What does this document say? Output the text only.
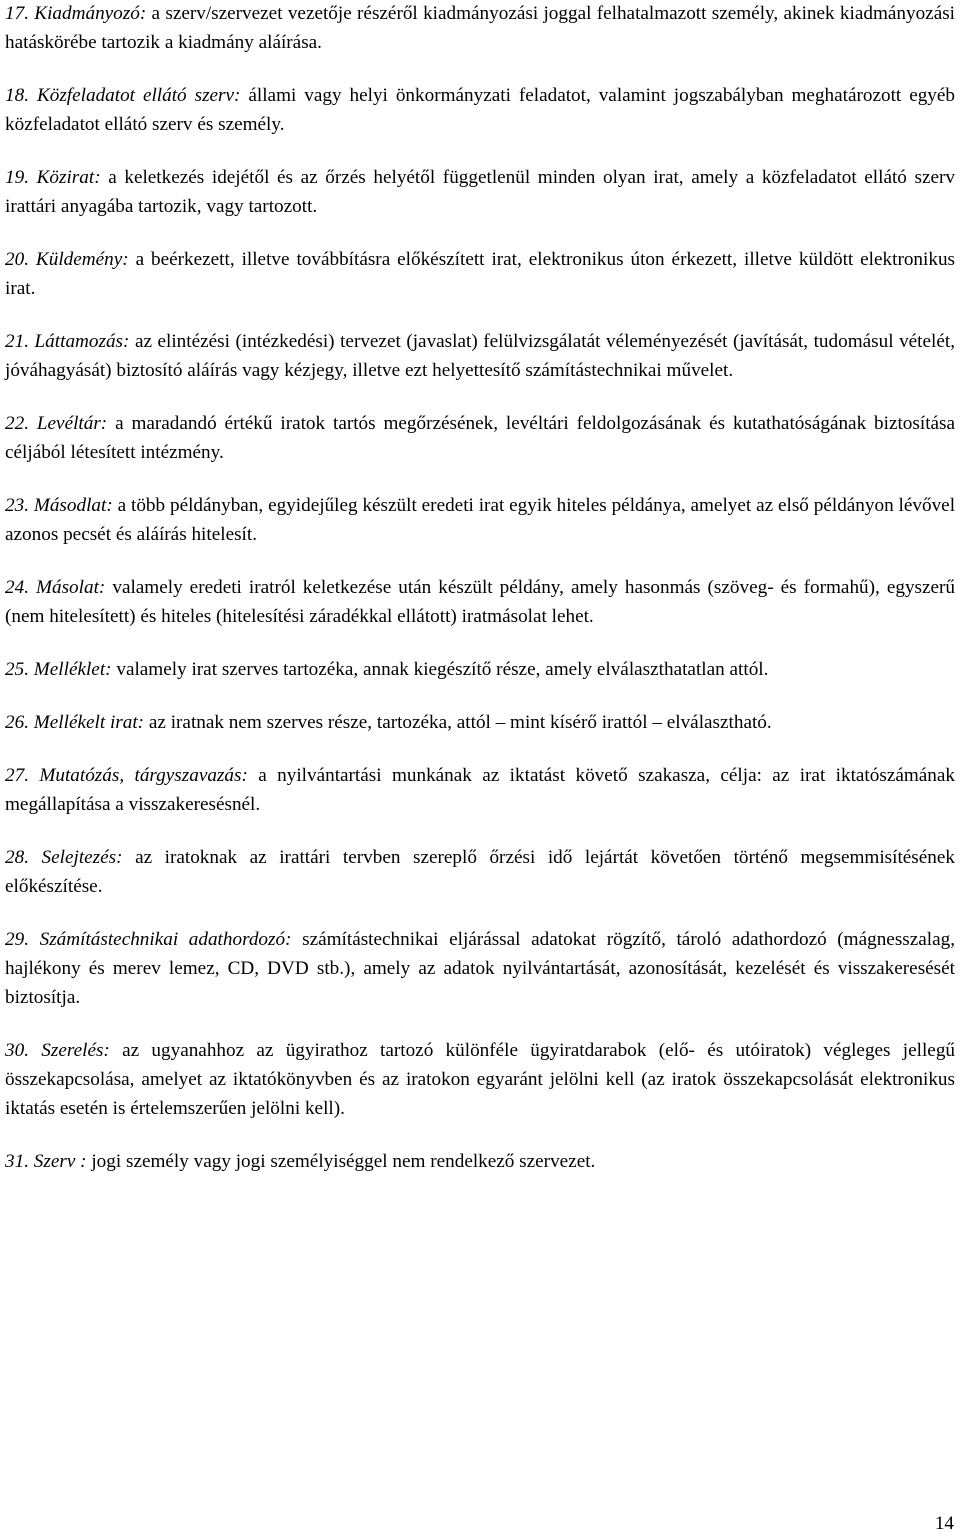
17. Kiadmányozó: a szerv/szervezet vezetője részéről kiadmányozási joggal felhatalmazott személy, akinek kiadmányozási hatáskörébe tartozik a kiadmány aláírása.

18. Közfeladatot ellátó szerv: állami vagy helyi önkormányzati feladatot, valamint jogszabályban meghatározott egyéb közfeladatot ellátó szerv és személy.

19. Közirat: a keletkezés idejétől és az őrzés helyétől függetlenül minden olyan irat, amely a közfeladatot ellátó szerv irattári anyagába tartozik, vagy tartozott.

20. Küldemény: a beérkezett, illetve továbbításra előkészített irat, elektronikus úton érkezett, illetve küldött elektronikus irat.

21. Láttamozás: az elintézési (intézkedési) tervezet (javaslat) felülvizsgálatát véleményezését (javítását, tudomásul vételét, jóváhagyását) biztosító aláírás vagy kézjegy, illetve ezt helyettesítő számítástechnikai művelet.

22. Levéltár: a maradandó értékű iratok tartós megőrzésének, levéltári feldolgozásának és kutathatóságának biztosítása céljából létesített intézmény.

23. Másodlat: a több példányban, egyidejűleg készült eredeti irat egyik hiteles példánya, amelyet az első példányon lévővel azonos pecsét és aláírás hitelesít.

24. Másolat: valamely eredeti iratról keletkezése után készült példány, amely hasonmás (szöveg- és formahű), egyszerű (nem hitelesített) és hiteles (hitelesítési záradékkal ellátott) iratmásolat lehet.

25. Melléklet: valamely irat szerves tartozéka, annak kiegészítő része, amely elválaszthatatlan attól.

26. Mellékelt irat: az iratnak nem szerves része, tartozéka, attól – mint kísérő irattól – elválasztható.

27. Mutatózás, tárgyszavazás: a nyilvántartási munkának az iktatást követő szakasza, célja: az irat iktatószámának megállapítása a visszakeresésnél.

28. Selejtezés: az iratoknak az irattári tervben szereplő őrzési idő lejártát követően történő megsemmisítésének előkészítése.

29. Számítástechnikai adathordozó: számítástechnikai eljárással adatokat rögzítő, tároló adathordozó (mágnesszalag, hajlékony és merev lemez, CD, DVD stb.), amely az adatok nyilvántartását, azonosítását, kezelését és visszakeresését biztosítja.

30. Szerelés: az ugyanahhoz az ügyirathoz tartozó különféle ügyiratdarabok (elő- és utóiratok) végleges jellegű összekapcsolása, amelyet az iktatókönyvben és az iratokon egyaránt jelölni kell (az iratok összekapcsolását elektronikus iktatás esetén is értelemszerűen jelölni kell).

31. Szerv : jogi személy vagy jogi személyiséggel nem rendelkező szervezet.

14
